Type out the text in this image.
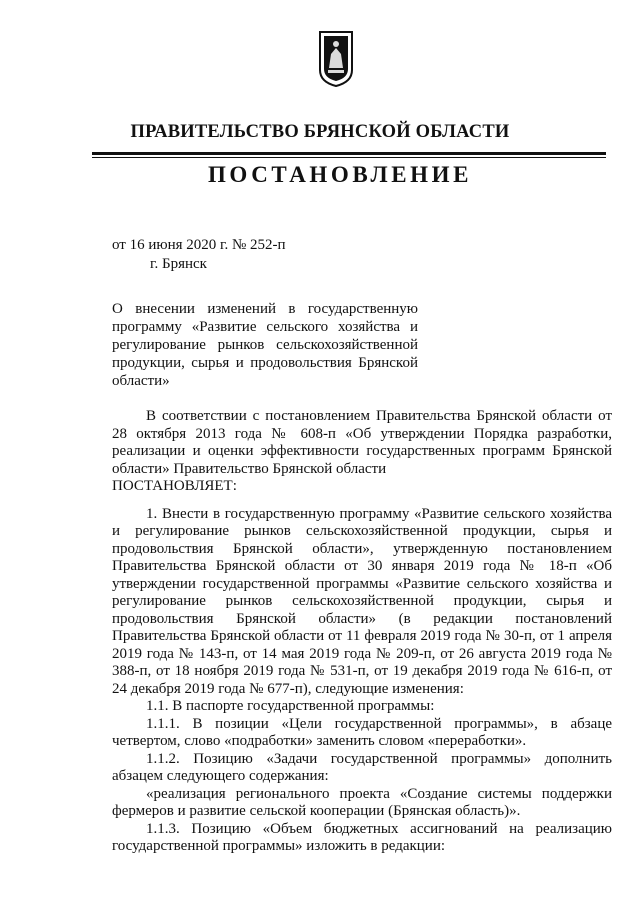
ПРАВИТЕЛЬСТВО БРЯНСКОЙ ОБЛАСТИ
ПОСТАНОВЛЕНИЕ
от 16 июня 2020 г. № 252-п
г. Брянск
О внесении изменений в государственную программу «Развитие сельского хозяйства и регулирование рынков сельскохозяйственной продукции, сырья и продовольствия Брянской области»

В соответствии с постановлением Правительства Брянской области от 28 октября 2013 года № 608-п «Об утверждении Порядка разработки, реализации и оценки эффективности государственных программ Брянской области» Правительство Брянской области

ПОСТАНОВЛЯЕТ:

1. Внести в государственную программу «Развитие сельского хозяйства и регулирование рынков сельскохозяйственной продукции, сырья и продовольствия Брянской области», утвержденную постановлением Правительства Брянской области от 30 января 2019 года № 18-п «Об утверждении государственной программы «Развитие сельского хозяйства и регулирование рынков сельскохозяйственной продукции, сырья и продовольствия Брянской области» (в редакции постановлений Правительства Брянской области от 11 февраля 2019 года № 30-п, от 1 апреля 2019 года № 143-п, от 14 мая 2019 года № 209-п, от 26 августа 2019 года № 388-п, от 18 ноября 2019 года № 531-п, от 19 декабря 2019 года № 616-п, от 24 декабря 2019 года № 677-п), следующие изменения:

1.1. В паспорте государственной программы:

1.1.1. В позиции «Цели государственной программы», в абзаце четвертом, слово «подработки» заменить словом «переработки».

1.1.2. Позицию «Задачи государственной программы» дополнить абзацем следующего содержания:

«реализация регионального проекта «Создание системы поддержки фермеров и развитие сельской кооперации (Брянская область)».

1.1.3. Позицию «Объем бюджетных ассигнований на реализацию государственной программы» изложить в редакции:
